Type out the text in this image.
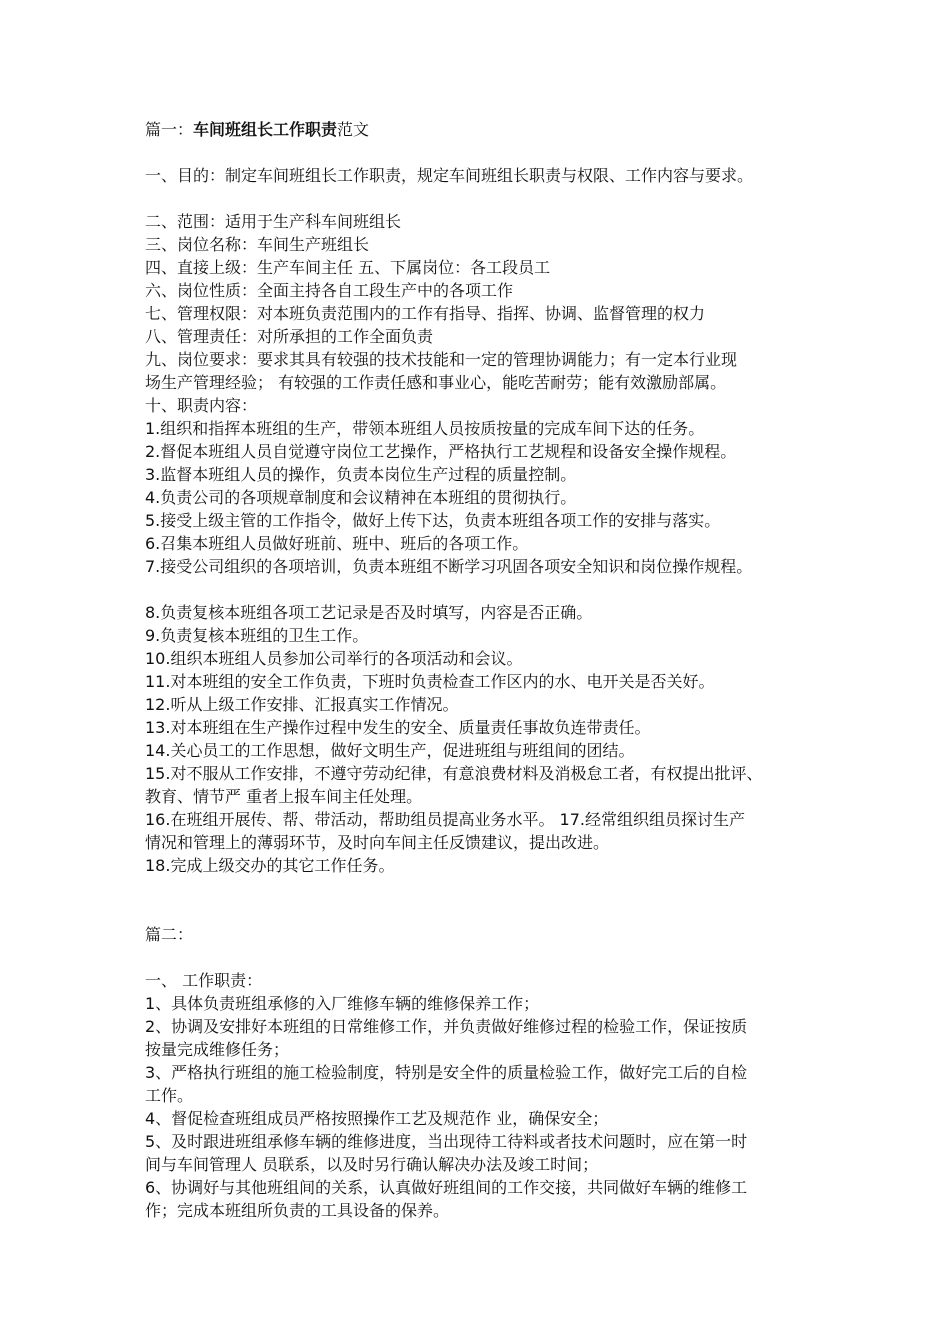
篇一：车间班组长工作职责范文

一、目的：制定车间班组长工作职责，规定车间班组长职责与权限、工作内容与要求。

二、范围：适用于生产科车间班组长

三、岗位名称：车间生产班组长

四、直接上级：生产车间主任 五、下属岗位：各工段员工

六、岗位性质：全面主持各自工段生产中的各项工作

七、管理权限：对本班负责范围内的工作有指导、指挥、协调、监督管理的权力

八、管理责任：对所承担的工作全面负责

九、岗位要求：要求其具有较强的技术技能和一定的管理协调能力；有一定本行业现

场生产管理经验； 有较强的工作责任感和事业心，能吃苦耐劳；能有效激励部属。

十、职责内容：

1.组织和指挥本班组的生产，带领本班组人员按质按量的完成车间下达的任务。

2.督促本班组人员自觉遵守岗位工艺操作，严格执行工艺规程和设备安全操作规程。

3.监督本班组人员的操作，负责本岗位生产过程的质量控制。

4.负责公司的各项规章制度和会议精神在本班组的贯彻执行。

5.接受上级主管的工作指令，做好上传下达，负责本班组各项工作的安排与落实。

6.召集本班组人员做好班前、班中、班后的各项工作。

7.接受公司组织的各项培训，负责本班组不断学习巩固各项安全知识和岗位操作规程。

8.负责复核本班组各项工艺记录是否及时填写，内容是否正确。

9.负责复核本班组的卫生工作。

10.组织本班组人员参加公司举行的各项活动和会议。

11.对本班组的安全工作负责，下班时负责检查工作区内的水、电开关是否关好。

12.听从上级工作安排、汇报真实工作情况。

13.对本班组在生产操作过程中发生的安全、质量责任事故负连带责任。

14.关心员工的工作思想，做好文明生产，促进班组与班组间的团结。

15.对不服从工作安排，不遵守劳动纪律，有意浪费材料及消极怠工者，有权提出批评、

教育、情节严 重者上报车间主任处理。

16.在班组开展传、帮、带活动，帮助组员提高业务水平。 17.经常组织组员探讨生产

情况和管理上的薄弱环节，及时向车间主任反馈建议，提出改进。

18.完成上级交办的其它工作任务。

篇二：

一、 工作职责：

1、具体负责班组承修的入厂维修车辆的维修保养工作；

2、协调及安排好本班组的日常维修工作，并负责做好维修过程的检验工作，保证按质

按量完成维修任务；

3、严格执行班组的施工检验制度，特别是安全件的质量检验工作，做好完工后的自检

工作。

4、督促检查班组成员严格按照操作工艺及规范作 业，确保安全；

5、及时跟进班组承修车辆的维修进度，当出现待工待料或者技术问题时，应在第一时

间与车间管理人 员联系，以及时另行确认解决办法及竣工时间；

6、协调好与其他班组间的关系，认真做好班组间的工作交接，共同做好车辆的维修工

作；完成本班组所负责的工具设备的保养。
